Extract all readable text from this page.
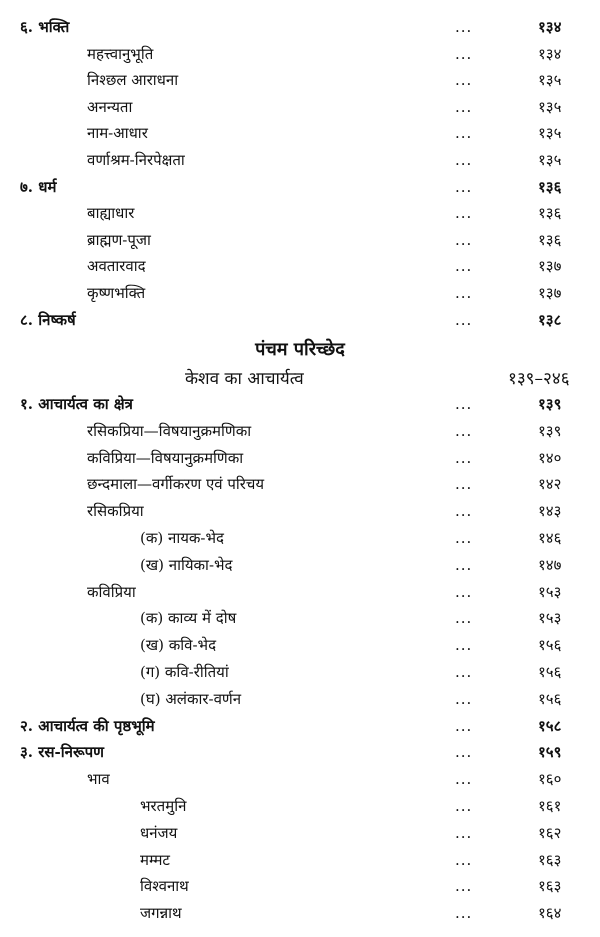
६. भक्ति	...	१३४
महत्त्वानुभूति	...	१३४
निश्छल आराधना	...	१३५
अनन्यता	...	१३५
नाम-आधार	...	१३५
वर्णाश्रम-निरपेक्षता	...	१३५
७. धर्म	...	१३६
बाह्याधार	...	१३६
ब्राह्मण-पूजा	...	१३६
अवतारवाद	...	१३७
कृष्णभक्ति	...	१३७
८. निष्कर्ष	...	१३८
पंचम परिच्छेद
केशव का आचार्यत्व	१३९–२४६
१. आचार्यत्व का क्षेत्र	...	१३९
रसिकप्रिया—विषयानुक्रमणिका	...	१३९
कविप्रिया—विषयानुक्रमणिका	...	१४०
छन्दमाला—वर्गीकरण एवं परिचय	...	१४२
रसिकप्रिया	...	१४३
(क) नायक-भेद	...	१४६
(ख) नायिका-भेद	...	१४७
कविप्रिया	...	१५३
(क) काव्य में दोष	...	१५३
(ख) कवि-भेद	...	१५६
(ग) कवि-रीतियां	...	१५६
(घ) अलंकार-वर्णन	...	१५६
२. आचार्यत्व की पृष्ठभूमि	...	१५८
३. रस-निरूपण	...	१५९
भाव	...	१६०
भरतमुनि	...	१६१
धनंजय	...	१६२
मम्मट	...	१६३
विश्वनाथ	...	१६३
जगन्नाथ	...	१६४
